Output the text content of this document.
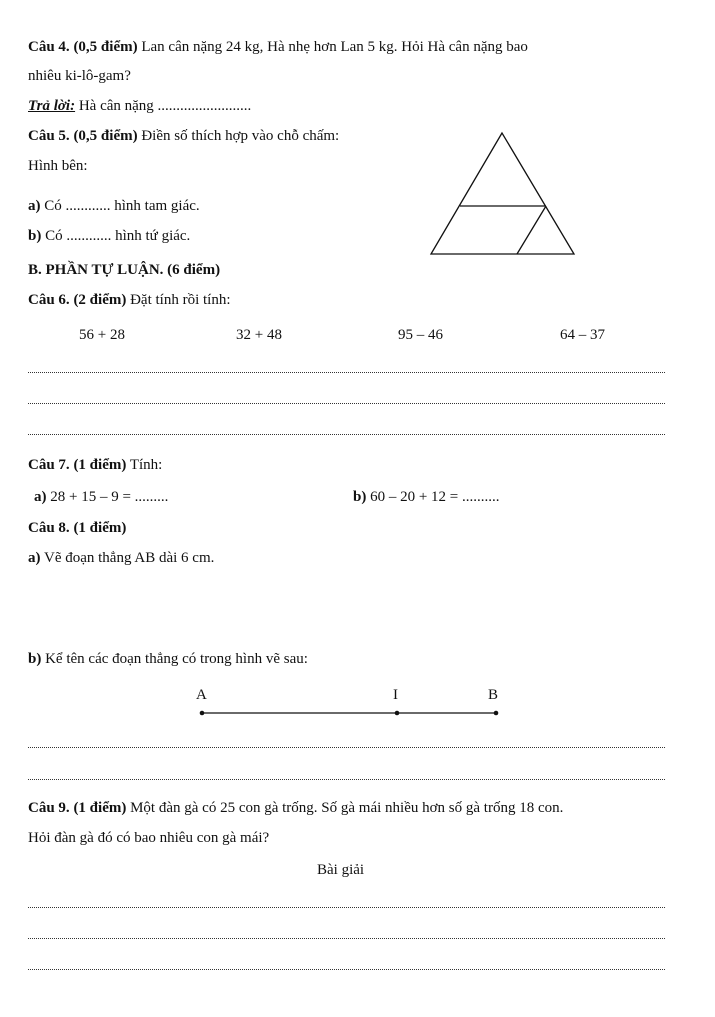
Câu 4. (0,5 điểm) Lan cân nặng 24 kg, Hà nhẹ hơn Lan 5 kg. Hỏi Hà cân nặng bao
nhiêu ki-lô-gam?
Trả lời: Hà cân nặng .........................
Câu 5. (0,5 điểm) Điền số thích hợp vào chỗ chấm:
Hình bên:
a) Có ............ hình tam giác.
b) Có ............ hình tứ giác.
B. PHẦN TỰ LUẬN. (6 điểm)
Câu 6. (2 điểm) Đặt tính rồi tính:
56 + 28	32 + 48	95 – 46	64 – 37
Câu 7. (1 điểm) Tính:
a) 28 + 15 – 9 = .........	b) 60 – 20 + 12 = ..........
Câu 8. (1 điểm)
a) Vẽ đoạn thẳng AB dài 6 cm.
b) Kể tên các đoạn thẳng có trong hình vẽ sau:
A	I	B
Câu 9. (1 điểm) Một đàn gà có 25 con gà trống. Số gà mái nhiều hơn số gà trống 18 con.
Hỏi đàn gà đó có bao nhiêu con gà mái?
Bài giải
